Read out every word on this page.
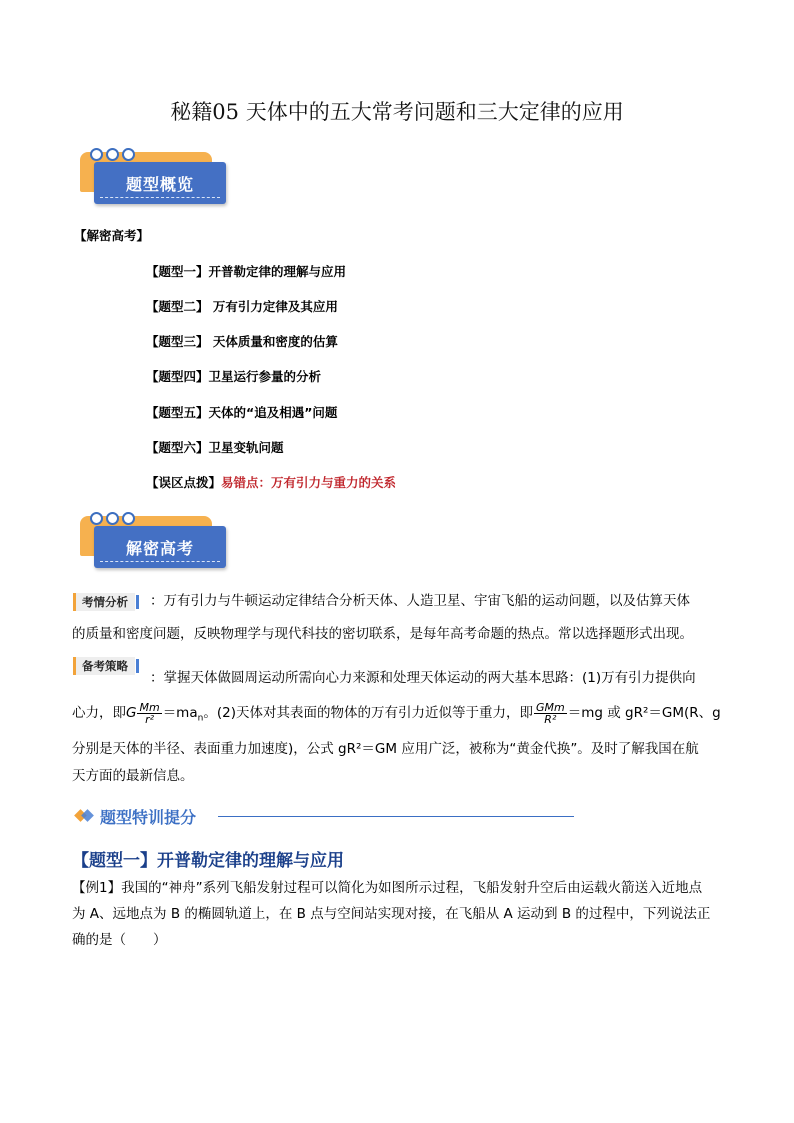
秘籍05 天体中的五大常考问题和三大定律的应用
题型概览
【解密高考】
【题型一】开普勒定律的理解与应用
【题型二】 万有引力定律及其应用
【题型三】 天体质量和密度的估算
【题型四】卫星运行参量的分析
【题型五】天体的“追及相遇”问题
【题型六】卫星变轨问题
【误区点拨】易错点：万有引力与重力的关系
解密高考
考情分析	：万有引力与牛顿运动定律结合分析天体、人造卫星、宇宙飞船的运动问题，以及估算天体
的质量和密度问题，反映物理学与现代科技的密切联系，是每年高考命题的热点。常以选择题形式出现。
备考策略
：掌握天体做圆周运动所需向心力来源和处理天体运动的两大基本思路：(1)万有引力提供向
心力，即G $\frac{Mm}{\text{r²}} =ma_n$。(2)天体对其表面的物体的万有引力近似等于重力，即 $\frac{\text{GMm}}{\text{R²}} =mg$ 或 gR²＝GM(R、g
分别是天体的半径、表面重力加速度)，公式 gR²＝GM 应用广泛，被称为“黄金代换”。及时了解我国在航
天方面的最新信息。
题型特训提分
【题型一】开普勒定律的理解与应用
【例1】我国的“神舟”系列飞船发射过程可以简化为如图所示过程，飞船发射升空后由运载火箭送入近地点
为 A、远地点为 B 的椭圆轨道上，在 B 点与空间站实现对接，在飞船从 A 运动到 B 的过程中，下列说法正
确的是（　　）
